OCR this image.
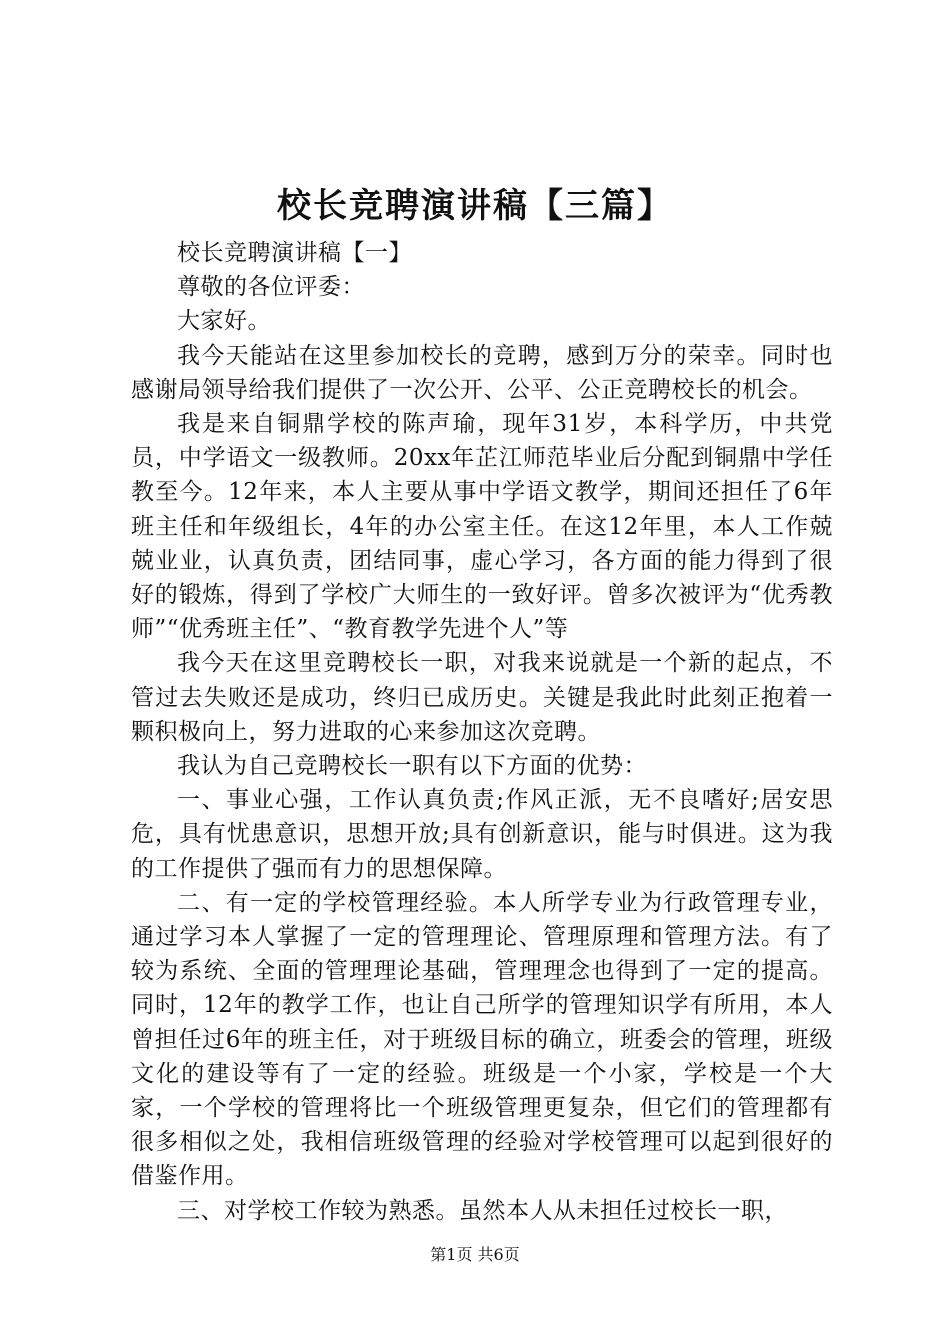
校长竞聘演讲稿【三篇】

校长竞聘演讲稿【一】

尊敬的各位评委：

大家好。

我今天能站在这里参加校长的竞聘，感到万分的荣幸。同时也感谢局领导给我们提供了一次公开、公平、公正竞聘校长的机会。

我是来自铜鼎学校的陈声瑜，现年31岁，本科学历，中共党员，中学语文一级教师。20xx年芷江师范毕业后分配到铜鼎中学任教至今。12年来，本人主要从事中学语文教学，期间还担任了6年班主任和年级组长，4年的办公室主任。在这12年里，本人工作兢兢业业，认真负责，团结同事，虚心学习，各方面的能力得到了很好的锻炼，得到了学校广大师生的一致好评。曾多次被评为“优秀教师”“优秀班主任”、“教育教学先进个人”等

我今天在这里竞聘校长一职，对我来说就是一个新的起点，不管过去失败还是成功，终归已成历史。关键是我此时此刻正抱着一颗积极向上，努力进取的心来参加这次竞聘。

我认为自己竞聘校长一职有以下方面的优势：

一、事业心强，工作认真负责;作风正派，无不良嗜好;居安思危，具有忧患意识，思想开放;具有创新意识，能与时俱进。这为我的工作提供了强而有力的思想保障。

二、有一定的学校管理经验。本人所学专业为行政管理专业，通过学习本人掌握了一定的管理理论、管理原理和管理方法。有了较为系统、全面的管理理论基础，管理理念也得到了一定的提高。同时，12年的教学工作，也让自己所学的管理知识学有所用，本人曾担任过6年的班主任，对于班级目标的确立，班委会的管理，班级文化的建设等有了一定的经验。班级是一个小家，学校是一个大家，一个学校的管理将比一个班级管理更复杂，但它们的管理都有很多相似之处，我相信班级管理的经验对学校管理可以起到很好的借鉴作用。

三、对学校工作较为熟悉。虽然本人从未担任过校长一职，

第1页 共6页
